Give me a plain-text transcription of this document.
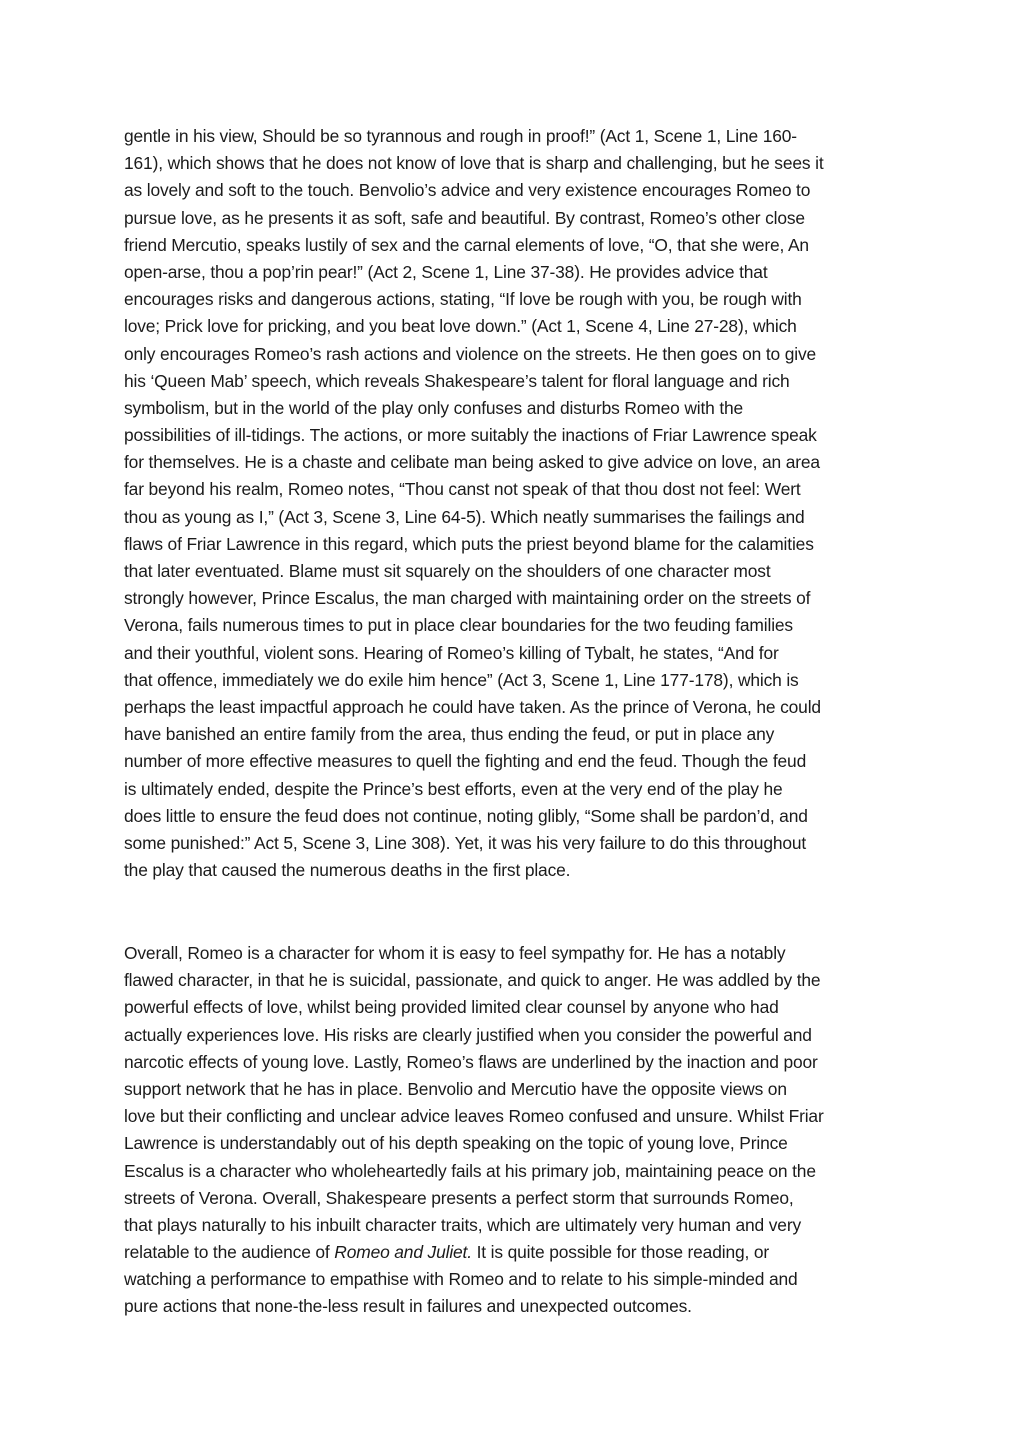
gentle in his view, Should be so tyrannous and rough in proof!” (Act 1, Scene 1, Line 160-
161), which shows that he does not know of love that is sharp and challenging, but he sees it
as lovely and soft to the touch. Benvolio’s advice and very existence encourages Romeo to
pursue love, as he presents it as soft, safe and beautiful. By contrast, Romeo’s other close
friend Mercutio, speaks lustily of sex and the carnal elements of love, “O, that she were, An
open-arse, thou a pop’rin pear!” (Act 2, Scene 1, Line 37-38). He provides advice that
encourages risks and dangerous actions, stating, “If love be rough with you, be rough with
love; Prick love for pricking, and you beat love down.” (Act 1, Scene 4, Line 27-28), which
only encourages Romeo’s rash actions and violence on the streets. He then goes on to give
his ‘Queen Mab’ speech, which reveals Shakespeare’s talent for floral language and rich
symbolism, but in the world of the play only confuses and disturbs Romeo with the
possibilities of ill-tidings. The actions, or more suitably the inactions of Friar Lawrence speak
for themselves. He is a chaste and celibate man being asked to give advice on love, an area
far beyond his realm, Romeo notes, “Thou canst not speak of that thou dost not feel: Wert
thou as young as I,” (Act 3, Scene 3, Line 64-5). Which neatly summarises the failings and
flaws of Friar Lawrence in this regard, which puts the priest beyond blame for the calamities
that later eventuated. Blame must sit squarely on the shoulders of one character most
strongly however, Prince Escalus, the man charged with maintaining order on the streets of
Verona, fails numerous times to put in place clear boundaries for the two feuding families
and their youthful, violent sons. Hearing of Romeo’s killing of Tybalt, he states, “And for
that offence, immediately we do exile him hence” (Act 3, Scene 1, Line 177-178), which is
perhaps the least impactful approach he could have taken. As the prince of Verona, he could
have banished an entire family from the area, thus ending the feud, or put in place any
number of more effective measures to quell the fighting and end the feud. Though the feud
is ultimately ended, despite the Prince’s best efforts, even at the very end of the play he
does little to ensure the feud does not continue, noting glibly, “Some shall be pardon’d, and
some punished:” Act 5, Scene 3, Line 308). Yet, it was his very failure to do this throughout
the play that caused the numerous deaths in the first place.
Overall, Romeo is a character for whom it is easy to feel sympathy for. He has a notably
flawed character, in that he is suicidal, passionate, and quick to anger. He was addled by the
powerful effects of love, whilst being provided limited clear counsel by anyone who had
actually experiences love. His risks are clearly justified when you consider the powerful and
narcotic effects of young love. Lastly, Romeo’s flaws are underlined by the inaction and poor
support network that he has in place. Benvolio and Mercutio have the opposite views on
love but their conflicting and unclear advice leaves Romeo confused and unsure. Whilst Friar
Lawrence is understandably out of his depth speaking on the topic of young love, Prince
Escalus is a character who wholeheartedly fails at his primary job, maintaining peace on the
streets of Verona. Overall, Shakespeare presents a perfect storm that surrounds Romeo,
that plays naturally to his inbuilt character traits, which are ultimately very human and very
relatable to the audience of Romeo and Juliet. It is quite possible for those reading, or
watching a performance to empathise with Romeo and to relate to his simple-minded and
pure actions that none-the-less result in failures and unexpected outcomes.
